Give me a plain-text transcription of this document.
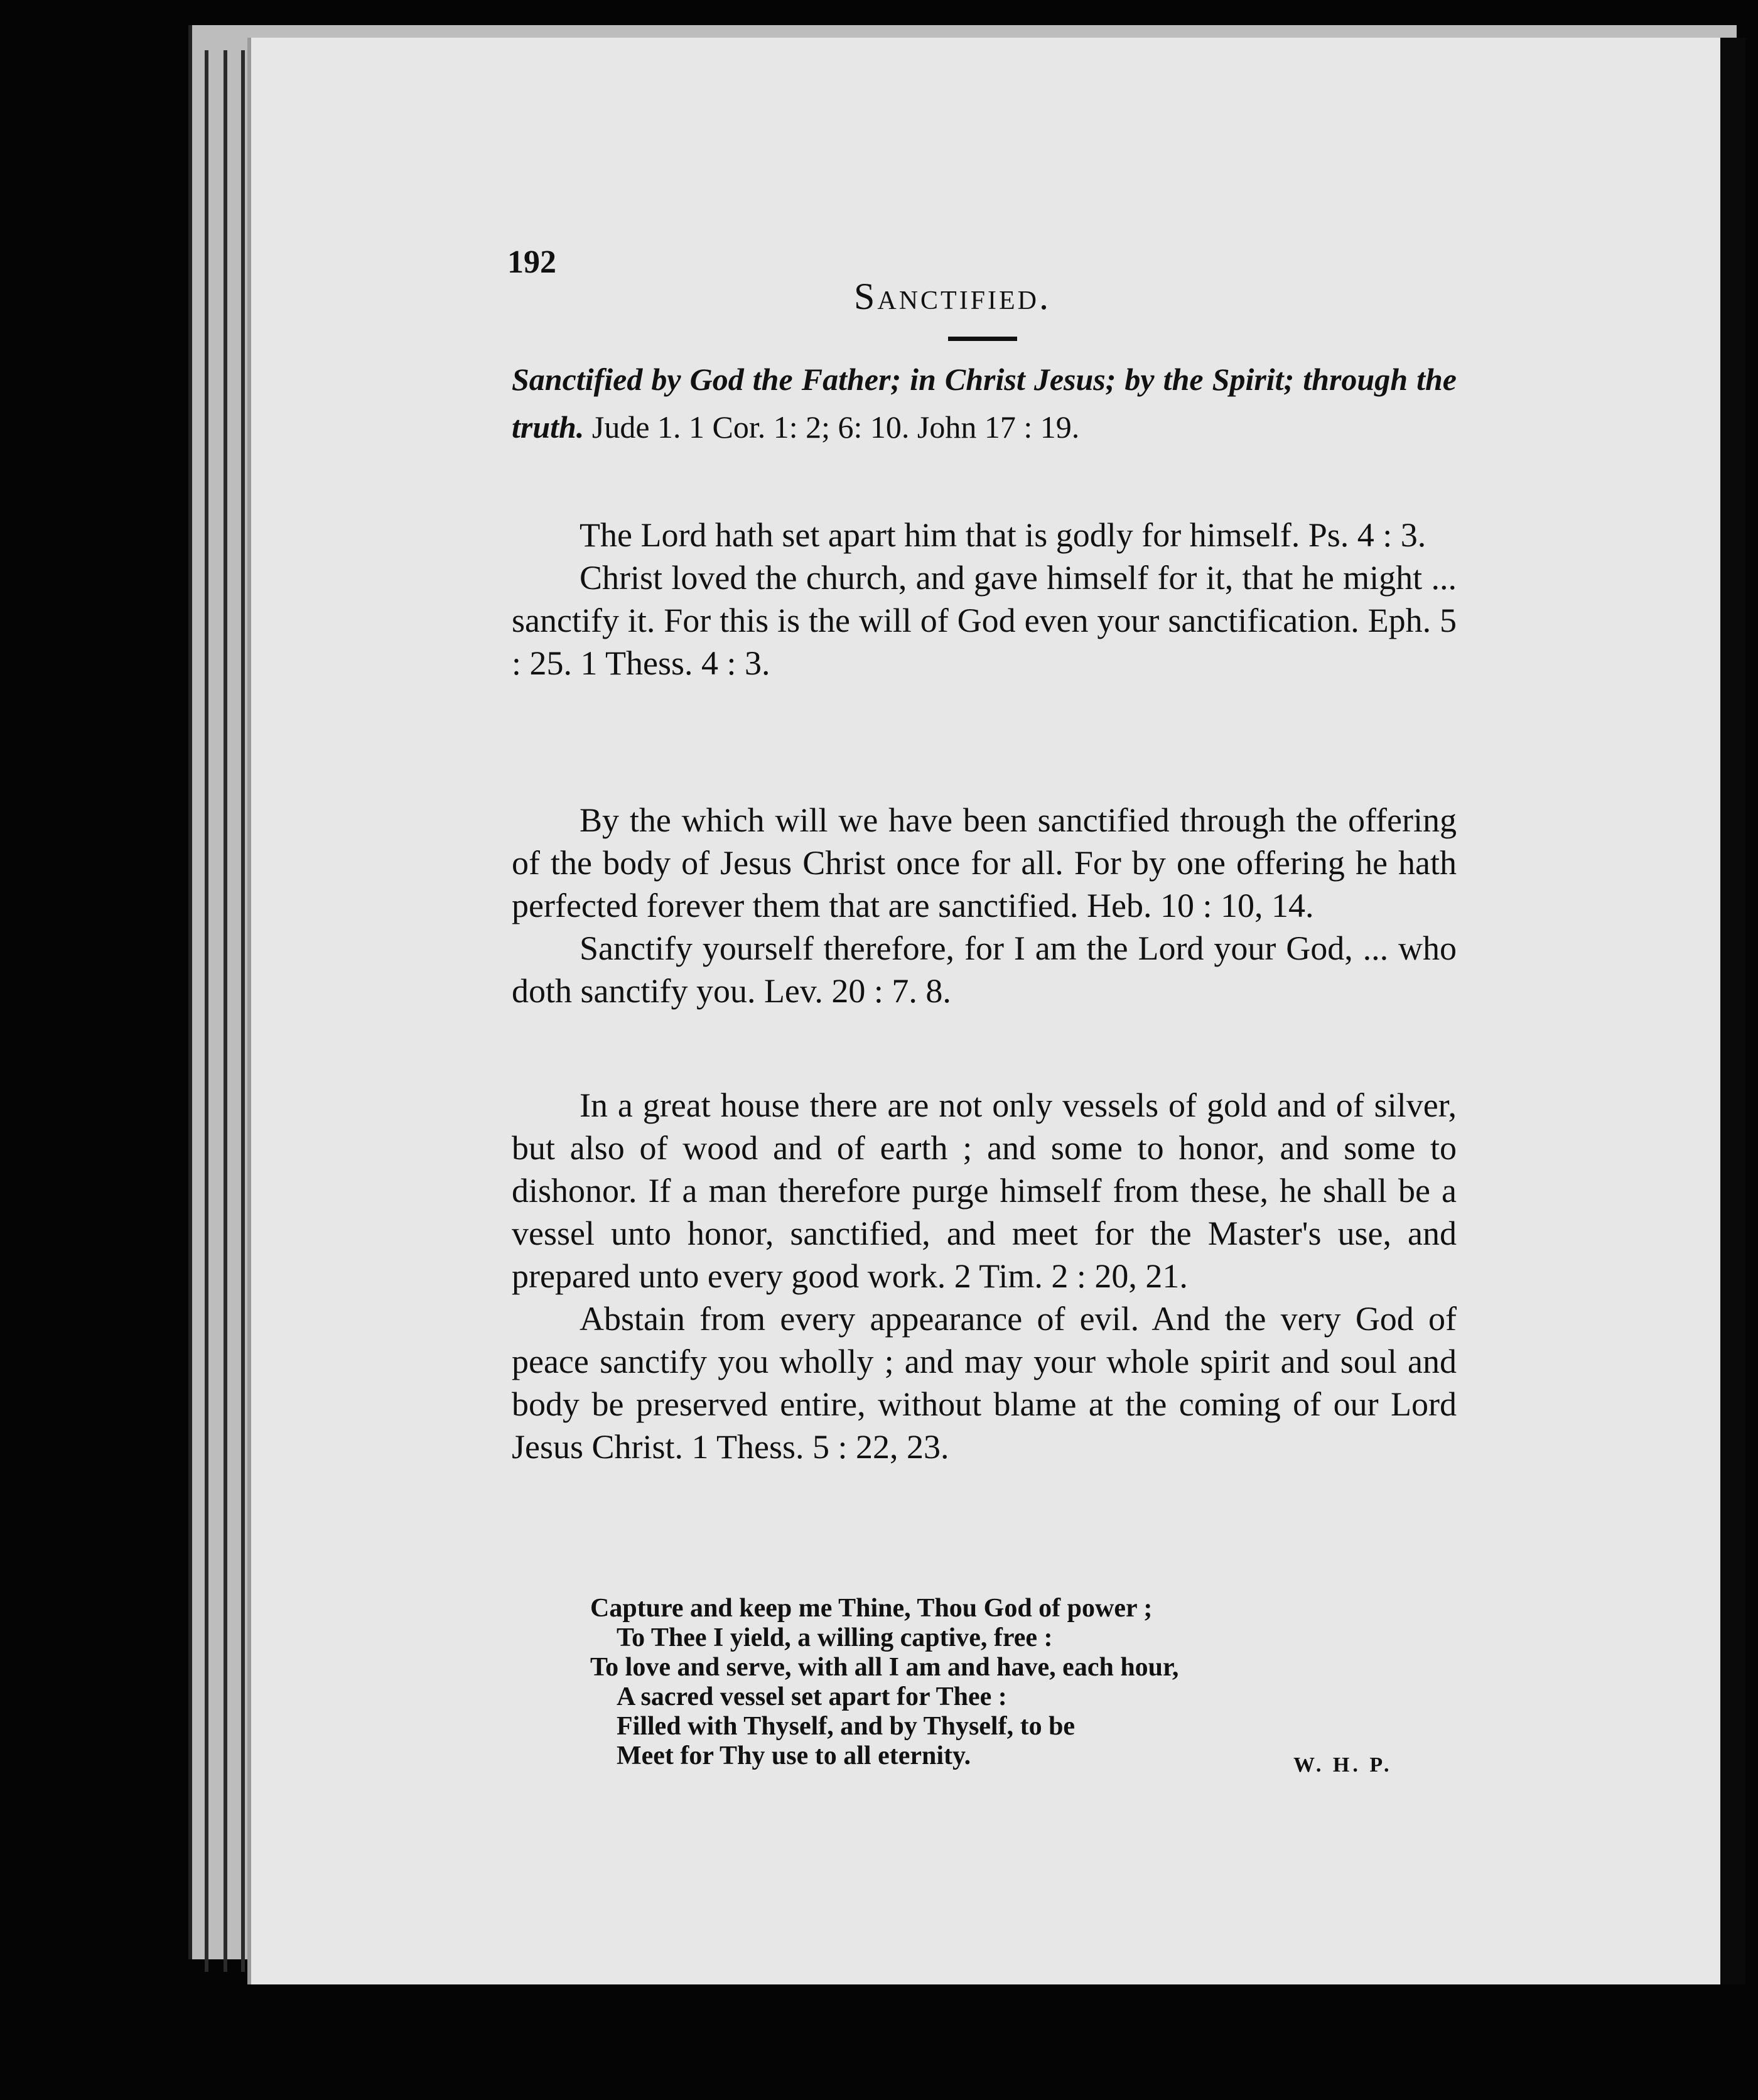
192
Sanctified.
Sanctified by God the Father; in Christ Jesus; by the Spirit; through the truth. Jude 1. 1 Cor. 1: 2; 6: 10. John 17 : 19.

The Lord hath set apart him that is godly for himself. Ps. 4 : 3.

Christ loved the church, and gave himself for it, that he might ... sanctify it. For this is the will of God even your sanctification. Eph. 5 : 25. 1 Thess. 4 : 3.

By the which will we have been sanctified through the offering of the body of Jesus Christ once for all. For by one offering he hath perfected forever them that are sanctified. Heb. 10 : 10, 14.

Sanctify yourself therefore, for I am the Lord your God, ... who doth sanctify you. Lev. 20 : 7. 8.

In a great house there are not only vessels of gold and of silver, but also of wood and of earth ; and some to honor, and some to dishonor. If a man therefore purge himself from these, he shall be a vessel unto honor, sanctified, and meet for the Master's use, and prepared unto every good work. 2 Tim. 2 : 20, 21.

Abstain from every appearance of evil. And the very God of peace sanctify you wholly ; and may your whole spirit and soul and body be preserved entire, without blame at the coming of our Lord Jesus Christ. 1 Thess. 5 : 22, 23.

Capture and keep me Thine, Thou God of power ;
To Thee I yield, a willing captive, free :
To love and serve, with all I am and have, each hour,
A sacred vessel set apart for Thee :
Filled with Thyself, and by Thyself, to be
Meet for Thy use to all eternity.	W. H. P.
